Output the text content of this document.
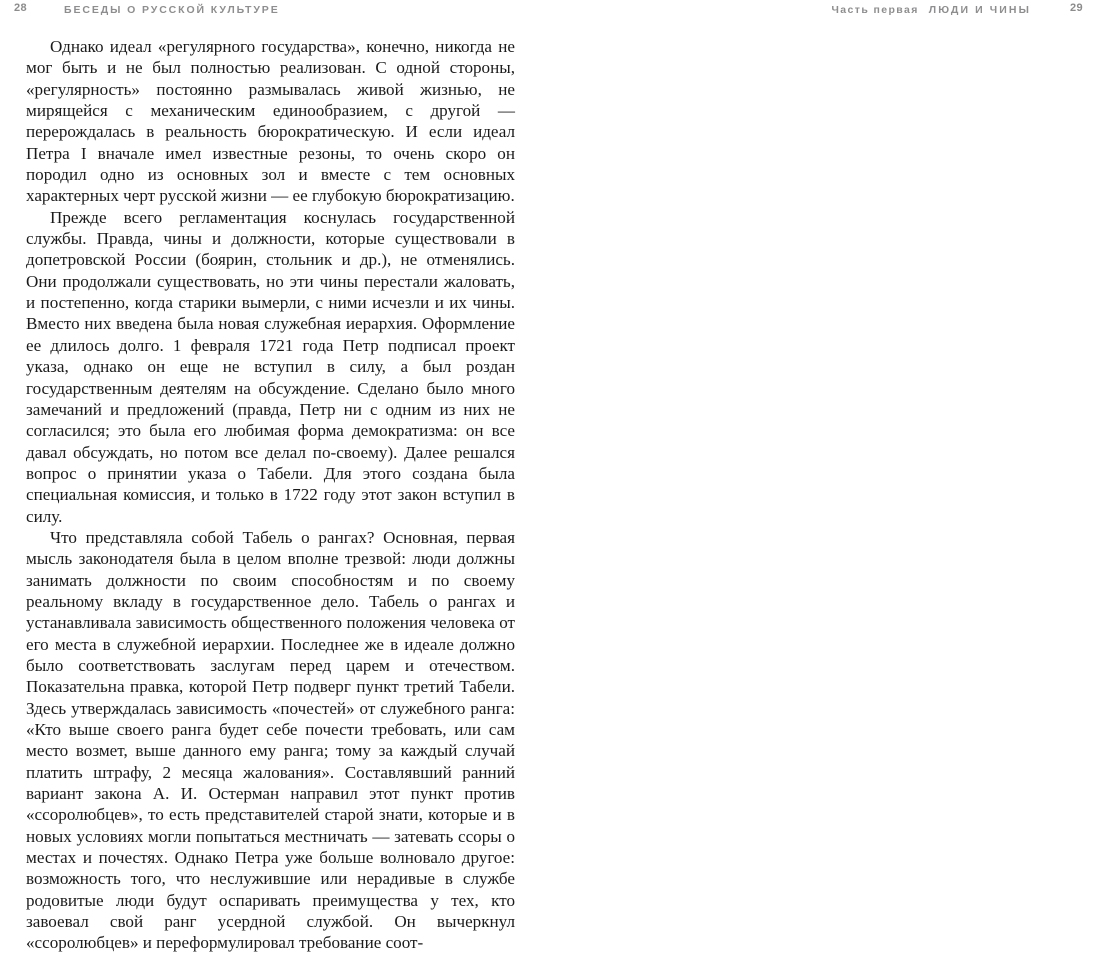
28	БЕСЕДЫ О РУССКОЙ КУЛЬТУРЕ

Однако идеал «регулярного государства», конечно, никогда не мог быть и не был полностью реализован. С одной стороны, «регулярность» постоянно размывалась живой жизнью, не мирящейся с механическим единообразием, с другой — перерождалась в реальность бюрократическую. И если идеал Петра I вначале имел известные резоны, то очень скоро он породил одно из основных зол и вместе с тем основных характерных черт русской жизни — ее глубокую бюрократизацию.

Прежде всего регламентация коснулась государственной службы. Правда, чины и должности, которые существовали в допетровской России (боярин, стольник и др.), не отменялись. Они продолжали существовать, но эти чины перестали жаловать, и постепенно, когда старики вымерли, с ними исчезли и их чины. Вместо них введена была новая служебная иерархия. Оформление ее длилось долго. 1 февраля 1721 года Петр подписал проект указа, однако он еще не вступил в силу, а был роздан государственным деятелям на обсуждение. Сделано было много замечаний и предложений (правда, Петр ни с одним из них не согласился; это была его любимая форма демократизма: он все давал обсуждать, но потом все делал по-своему). Далее решался вопрос о принятии указа о Табели. Для этого создана была специальная комиссия, и только в 1722 году этот закон вступил в силу.

Что представляла собой Табель о рангах? Основная, первая мысль законодателя была в целом вполне трезвой: люди должны занимать должности по своим способностям и по своему реальному вкладу в государственное дело. Табель о рангах и устанавливала зависимость общественного положения человека от его места в служебной иерархии. Последнее же в идеале должно было соответствовать заслугам перед царем и отечеством. Показательна правка, которой Петр подверг пункт третий Табели. Здесь утверждалась зависимость «почестей» от служебного ранга: «Кто выше своего ранга будет себе почести требовать, или сам место возмет, выше данного ему ранга; тому за каждый случай платить штрафу, 2 месяца жалования». Составлявший ранний вариант закона А. И. Остерман направил этот пункт против «ссоролюбцев», то есть представителей старой знати, которые и в новых условиях могли попытаться местничать — затевать ссоры о местах и почестях. Однако Петра уже больше волновало другое: возможность того, что неслужившие или нерадивые в службе родовитые люди будут оспаривать преимущества у тех, кто завоевал свой ранг усердной службой. Он вычеркнул «ссоролюбцев» и переформулировал требование соот-

29
Часть первая ЛЮДИ И ЧИНЫ
